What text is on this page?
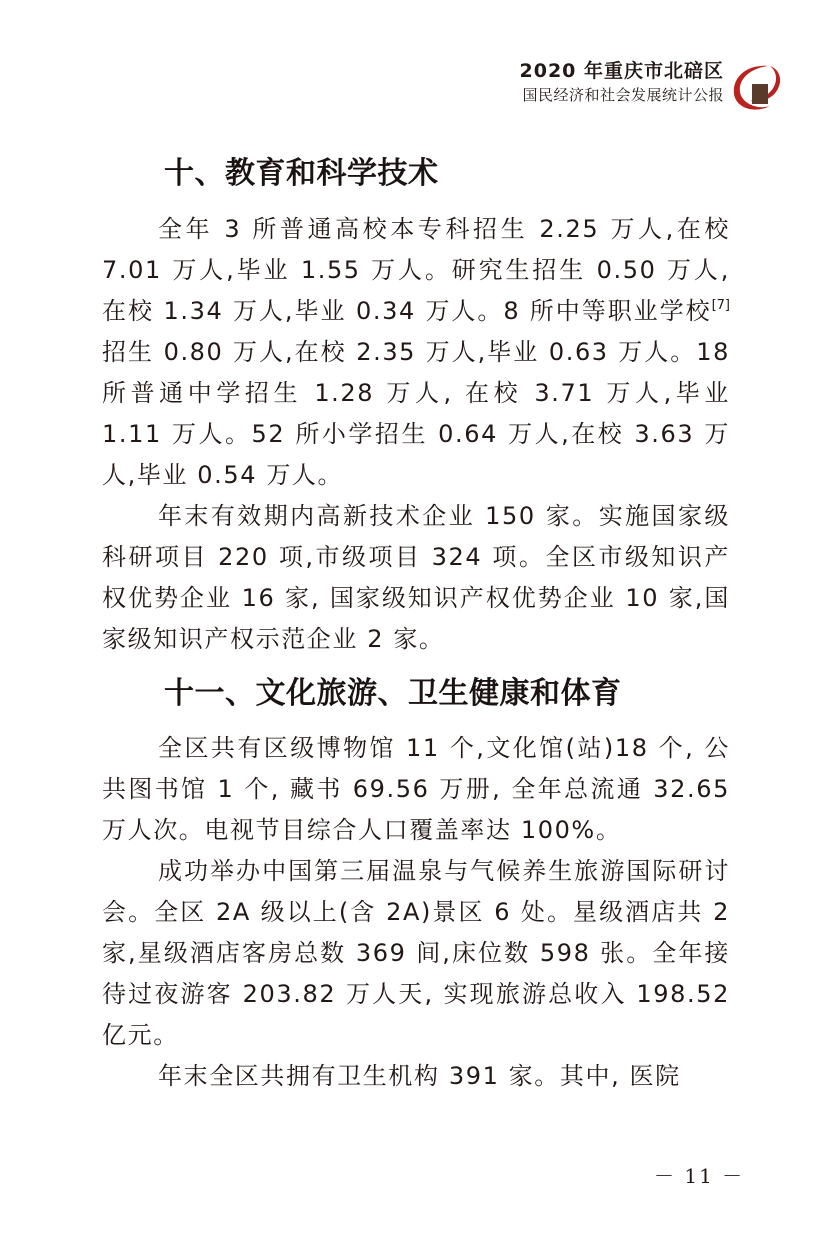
2020 年重庆市北碚区
国民经济和社会发展统计公报
十、教育和科学技术

全年 3 所普通高校本专科招生 2.25 万人,在校 7.01 万人,毕业 1.55 万人。研究生招生 0.50 万人,在校 1.34 万人,毕业 0.34 万人。8 所中等职业学校[7]招生 0.80 万人,在校 2.35 万人,毕业 0.63 万人。18 所普通中学招生 1.28 万人, 在校 3.71 万人,毕业 1.11 万人。52 所小学招生 0.64 万人,在校 3.63 万人,毕业 0.54 万人。

年末有效期内高新技术企业 150 家。实施国家级科研项目 220 项,市级项目 324 项。全区市级知识产权优势企业 16 家, 国家级知识产权优势企业 10 家,国家级知识产权示范企业 2 家。

十一、文化旅游、卫生健康和体育

全区共有区级博物馆 11 个,文化馆(站)18 个, 公共图书馆 1 个, 藏书 69.56 万册, 全年总流通 32.65 万人次。电视节目综合人口覆盖率达 100%。

成功举办中国第三届温泉与气候养生旅游国际研讨会。全区 2A 级以上(含 2A)景区 6 处。星级酒店共 2 家,星级酒店客房总数 369 间,床位数 598 张。全年接待过夜游客 203.82 万人天, 实现旅游总收入 198.52 亿元。

年末全区共拥有卫生机构 391 家。其中, 医院

－ 11 －
